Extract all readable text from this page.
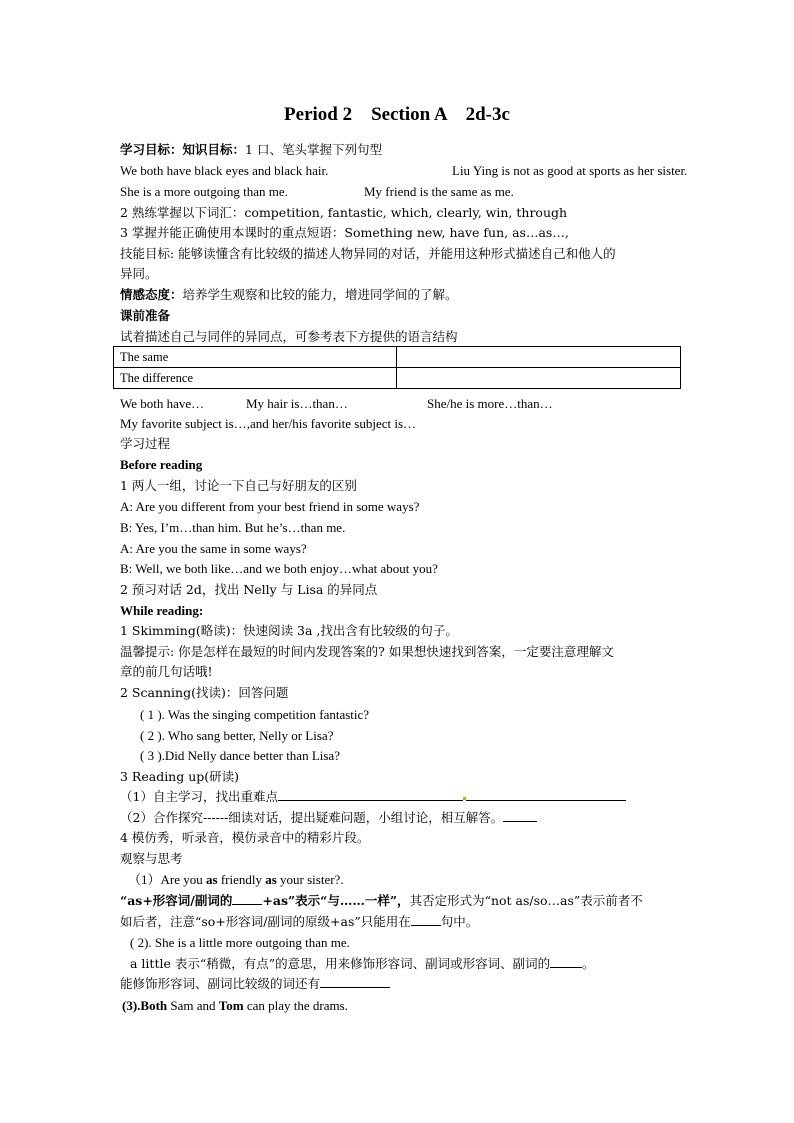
Period 2    Section A    2d-3c
学习目标：知识目标：1 口、笔头掌握下列句型
We both have black eyes and black hair.	Liu Ying is not as good at sports as her sister.
She is a more outgoing than me.	My friend is the same as me.
2 熟练掌握以下词汇：competition, fantastic, which, clearly, win, through
3 掌握并能正确使用本课时的重点短语：Something new, have fun, as…as…,
技能目标: 能够读懂含有比较级的描述人物异同的对话，并能用这种形式描述自己和他人的
异同。
情感态度：培养学生观察和比较的能力，增进同学间的了解。
课前准备
试着描述自己与同伴的异同点，可参考表下方提供的语言结构
The same	
The difference	
We both have…	My hair is…than…	She/he is more…than…
My favorite subject is…,and her/his favorite subject is…
学习过程
Before reading
1 两人一组，讨论一下自己与好朋友的区别
A: Are you different from your best friend in some ways?
B: Yes, I’m…than him. But he’s…than me.
A: Are you the same in some ways?
B: Well, we both like…and we both enjoy…what about you?
2 预习对话 2d，找出 Nelly 与 Lisa 的异同点
While reading:
1 Skimming(略读)：快速阅读 3a ,找出含有比较级的句子。
温馨提示: 你是怎样在最短的时间内发现答案的? 如果想快速找到答案，一定要注意理解文
章的前几句话哦!
2 Scanning(找读)：回答问题
( 1 ). Was the singing competition fantastic?
( 2 ). Who sang better, Nelly or Lisa?
( 3 ).Did Nelly dance better than Lisa?
3 Reading up(研读)
（1）自主学习，找出重难点
（2）合作探究------细读对话，提出疑难问题，小组讨论，相互解答。
4 模仿秀，听录音，模仿录音中的精彩片段。
观察与思考
（1）Are you as friendly as your sister?.
“as+形容词/副词的 +as”表示“与……一样”，其否定形式为“not as/so…as”表示前者不
如后者，注意“so+形容词/副词的原级+as”只能用在 句中。
( 2). She is a little more outgoing than me.
a little 表示“稍微，有点”的意思，用来修饰形容词、副词或形容词、副词的	。
能修饰形容词、副词比较级的词还有
(3).Both Sam and Tom can play the drams.
